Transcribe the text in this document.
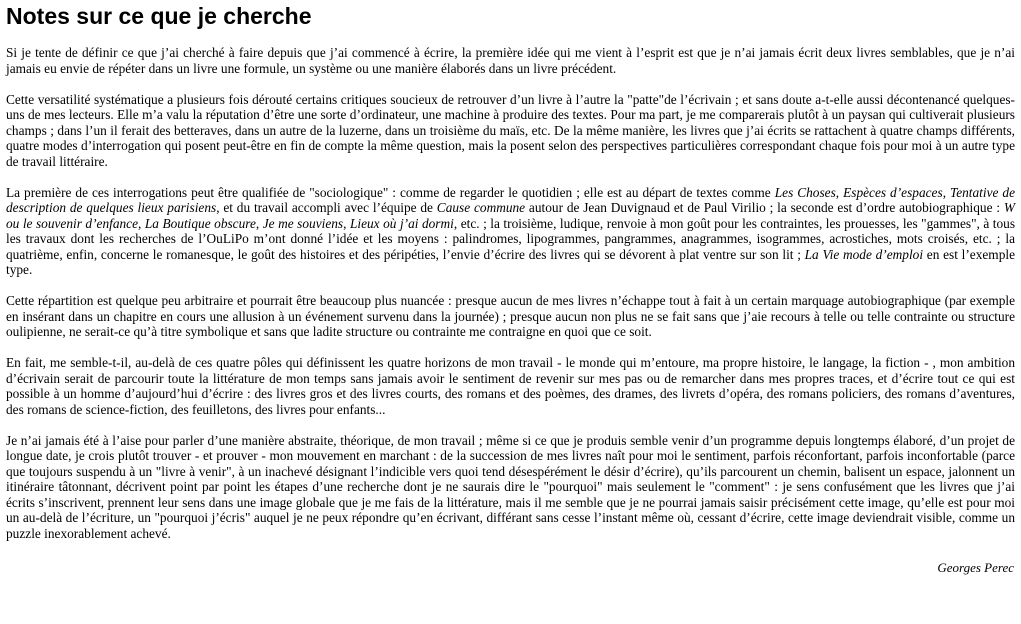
Notes sur ce que je cherche

Si je tente de définir ce que j’ai cherché à faire depuis que j’ai commencé à écrire, la première idée qui me vient à l’esprit est que je n’ai jamais écrit deux livres semblables, que je n’ai jamais eu envie de répéter dans un livre une formule, un système ou une manière élaborés dans un livre précédent.

Cette versatilité systématique a plusieurs fois dérouté certains critiques soucieux de retrouver d’un livre à l’autre la "patte"de l’écrivain ; et sans doute a-t-elle aussi décontenancé quelques-uns de mes lecteurs. Elle m’a valu la réputation d’être une sorte d’ordinateur, une machine à produire des textes. Pour ma part, je me comparerais plutôt à un paysan qui cultiverait plusieurs champs ; dans l’un il ferait des betteraves, dans un autre de la luzerne, dans un troisième du maïs, etc. De la même manière, les livres que j’ai écrits se rattachent à quatre champs différents, quatre modes d’interrogation qui posent peut-être en fin de compte la même question, mais la posent selon des perspectives particulières correspondant chaque fois pour moi à un autre type de travail littéraire.

La première de ces interrogations peut être qualifiée de "sociologique" : comme de regarder le quotidien ; elle est au départ de textes comme Les Choses, Espèces d’espaces, Tentative de description de quelques lieux parisiens, et du travail accompli avec l’équipe de Cause commune autour de Jean Duvignaud et de Paul Virilio ; la seconde est d’ordre autobiographique : W ou le souvenir d’enfance, La Boutique obscure, Je me souviens, Lieux où j’ai dormi, etc. ; la troisième, ludique, renvoie à mon goût pour les contraintes, les prouesses, les "gammes", à tous les travaux dont les recherches de l’OuLiPo m’ont donné l’idée et les moyens : palindromes, lipogrammes, pangrammes, anagrammes, isogrammes, acrostiches, mots croisés, etc. ; la quatrième, enfin, concerne le romanesque, le goût des histoires et des péripéties, l’envie d’écrire des livres qui se dévorent à plat ventre sur son lit ; La Vie mode d’emploi en est l’exemple type.

Cette répartition est quelque peu arbitraire et pourrait être beaucoup plus nuancée : presque aucun de mes livres n’échappe tout à fait à un certain marquage autobiographique (par exemple en insérant dans un chapitre en cours une allusion à un événement survenu dans la journée) ; presque aucun non plus ne se fait sans que j’aie recours à telle ou telle contrainte ou structure oulipienne, ne serait-ce qu’à titre symbolique et sans que ladite structure ou contrainte me contraigne en quoi que ce soit.

En fait, me semble-t-il, au-delà de ces quatre pôles qui définissent les quatre horizons de mon travail - le monde qui m’entoure, ma propre histoire, le langage, la fiction - , mon ambition d’écrivain serait de parcourir toute la littérature de mon temps sans jamais avoir le sentiment de revenir sur mes pas ou de remarcher dans mes propres traces, et d’écrire tout ce qui est possible à un homme d’aujourd’hui d’écrire : des livres gros et des livres courts, des romans et des poèmes, des drames, des livrets d’opéra, des romans policiers, des romans d’aventures, des romans de science-fiction, des feuilletons, des livres pour enfants...

Je n’ai jamais été à l’aise pour parler d’une manière abstraite, théorique, de mon travail ; même si ce que je produis semble venir d’un programme depuis longtemps élaboré, d’un projet de longue date, je crois plutôt trouver - et prouver - mon mouvement en marchant : de la succession de mes livres naît pour moi le sentiment, parfois réconfortant, parfois inconfortable (parce que toujours suspendu à un "livre à venir", à un inachevé désignant l’indicible vers quoi tend désespérément le désir d’écrire), qu’ils parcourent un chemin, balisent un espace, jalonnent un itinéraire tâtonnant, décrivent point par point les étapes d’une recherche dont je ne saurais dire le "pourquoi" mais seulement le "comment" : je sens confusément que les livres que j’ai écrits s’inscrivent, prennent leur sens dans une image globale que je me fais de la littérature, mais il me semble que je ne pourrai jamais saisir précisément cette image, qu’elle est pour moi un au-delà de l’écriture, un "pourquoi j’écris" auquel je ne peux répondre qu’en écrivant, différant sans cesse l’instant même où, cessant d’écrire, cette image deviendrait visible, comme un puzzle inexorablement achevé.

Georges Perec
